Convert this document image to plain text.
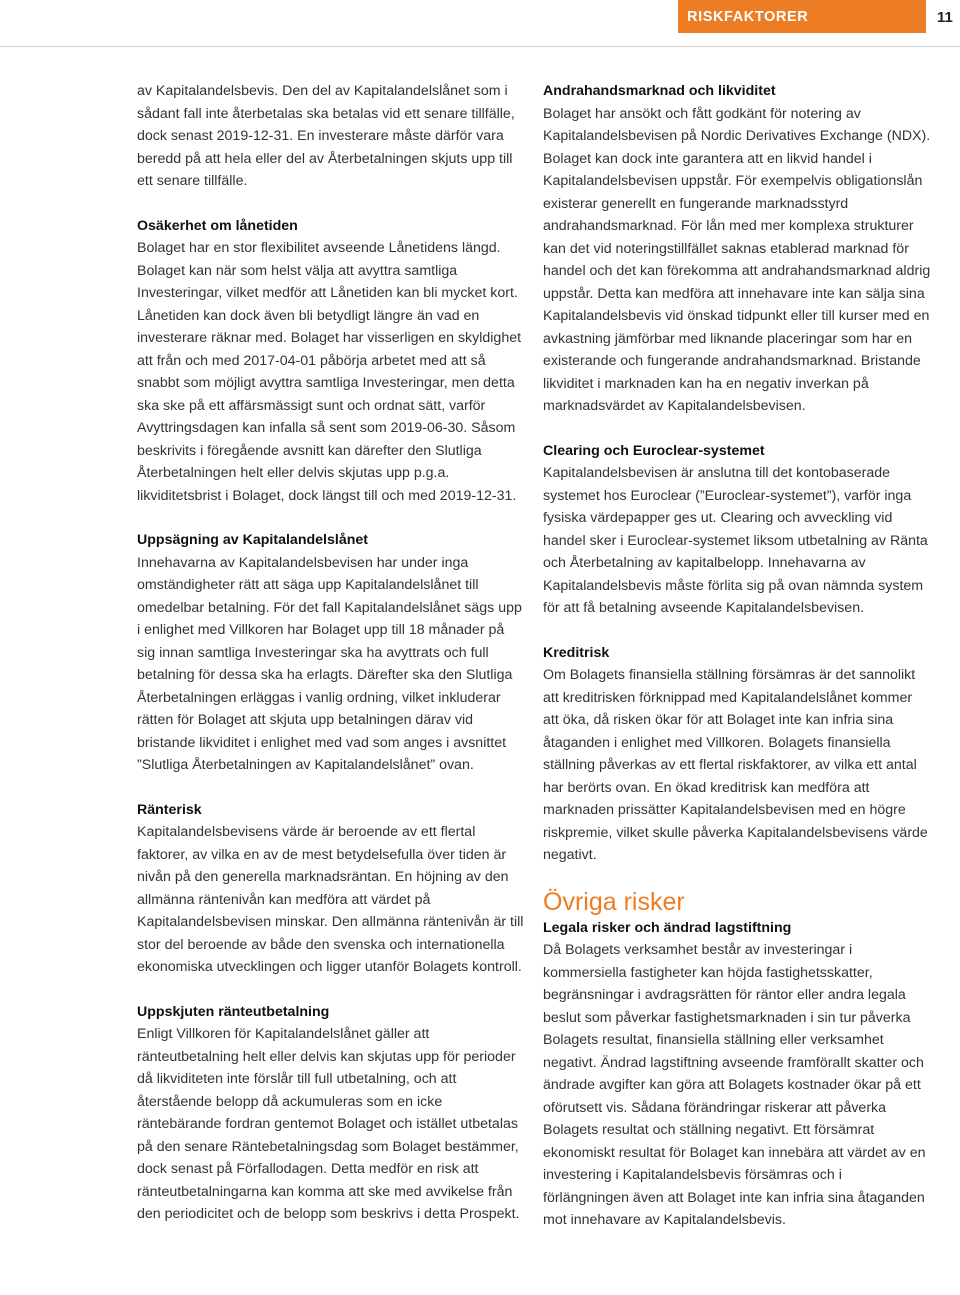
RISKFAKTORER	11

av Kapitalandelsbevis. Den del av Kapitalandelslånet som i sådant fall inte återbetalas ska betalas vid ett senare tillfälle, dock senast 2019-12-31. En investerare måste därför vara beredd på att hela eller del av Återbetalningen skjuts upp till ett senare tillfälle.

Osäkerhet om lånetiden

Bolaget har en stor flexibilitet avseende Lånetidens längd. Bolaget kan när som helst välja att avyttra samtliga Investeringar, vilket medför att Lånetiden kan bli mycket kort. Lånetiden kan dock även bli betydligt längre än vad en investerare räknar med. Bolaget har visserligen en skyldighet att från och med 2017-04-01 påbörja arbetet med att så snabbt som möjligt avyttra samtliga Investeringar, men detta ska ske på ett affärsmässigt sunt och ordnat sätt, varför Avyttringsdagen kan infalla så sent som 2019-06-30. Såsom beskrivits i föregående avsnitt kan därefter den Slutliga Återbetalningen helt eller delvis skjutas upp p.g.a. likviditetsbrist i Bolaget, dock längst till och med 2019-12-31.

Uppsägning av Kapitalandelslånet

Innehavarna av Kapitalandelsbevisen har under inga omständigheter rätt att säga upp Kapitalandelslånet till omedelbar betalning. För det fall Kapitalandelslånet sägs upp i enlighet med Villkoren har Bolaget upp till 18 månader på sig innan samtliga Investeringar ska ha avyttrats och full betalning för dessa ska ha erlagts. Därefter ska den Slutliga Återbetalningen erläggas i vanlig ordning, vilket inkluderar rätten för Bolaget att skjuta upp betalningen därav vid bristande likviditet i enlighet med vad som anges i avsnittet ”Slutliga Återbetalningen av Kapitalandelslånet” ovan.

Ränterisk

Kapitalandelsbevisens värde är beroende av ett flertal faktorer, av vilka en av de mest betydelsefulla över tiden är nivån på den generella marknadsräntan. En höjning av den allmänna räntenivån kan medföra att värdet på Kapitalandelsbevisen minskar. Den allmänna räntenivån är till stor del beroende av både den svenska och internationella ekonomiska utvecklingen och ligger utanför Bolagets kontroll.

Uppskjuten ränteutbetalning

Enligt Villkoren för Kapitalandelslånet gäller att ränteutbetalning helt eller delvis kan skjutas upp för perioder då likviditeten inte förslår till full utbetalning, och att återstående belopp då ackumuleras som en icke räntebärande fordran gentemot Bolaget och istället utbetalas på den senare Räntebetalningsdag som Bolaget bestämmer, dock senast på Förfallodagen. Detta medför en risk att ränteutbetalningarna kan komma att ske med avvikelse från den periodicitet och de belopp som beskrivs i detta Prospekt.

Andrahandsmarknad och likviditet

Bolaget har ansökt och fått godkänt för notering av Kapitalandelsbevisen på Nordic Derivatives Exchange (NDX). Bolaget kan dock inte garantera att en likvid handel i Kapitalandelsbevisen uppstår. För exempelvis obligationslån existerar generellt en fungerande marknadsstyrd andrahandsmarknad. För lån med mer komplexa strukturer kan det vid noteringstillfället saknas etablerad marknad för handel och det kan förekomma att andrahandsmarknad aldrig uppstår. Detta kan medföra att innehavare inte kan sälja sina Kapitalandelsbevis vid önskad tidpunkt eller till kurser med en avkastning jämförbar med liknande placeringar som har en existerande och fungerande andrahandsmarknad. Bristande likviditet i marknaden kan ha en negativ inverkan på marknadsvärdet av Kapitalandelsbevisen.

Clearing och Euroclear-systemet

Kapitalandelsbevisen är anslutna till det kontobaserade systemet hos Euroclear (”Euroclear-systemet”), varför inga fysiska värdepapper ges ut. Clearing och avveckling vid handel sker i Euroclear-systemet liksom utbetalning av Ränta och Återbetalning av kapitalbelopp. Innehavarna av Kapitalandelsbevis måste förlita sig på ovan nämnda system för att få betalning avseende Kapitalandelsbevisen.

Kreditrisk

Om Bolagets finansiella ställning försämras är det sannolikt att kreditrisken förknippad med Kapitalandelslånet kommer att öka, då risken ökar för att Bolaget inte kan infria sina åtaganden i enlighet med Villkoren. Bolagets finansiella ställning påverkas av ett flertal riskfaktorer, av vilka ett antal har berörts ovan. En ökad kreditrisk kan medföra att marknaden prissätter Kapitalandelsbevisen med en högre riskpremie, vilket skulle påverka Kapitalandelsbevisens värde negativt.

Övriga risker
Legala risker och ändrad lagstiftning

Då Bolagets verksamhet består av investeringar i kommersiella fastigheter kan höjda fastighetsskatter, begränsningar i avdragsrätten för räntor eller andra legala beslut som påverkar fastighetsmarknaden i sin tur påverka Bolagets resultat, finansiella ställning eller verksamhet negativt. Ändrad lagstiftning avseende framförallt skatter och ändrade avgifter kan göra att Bolagets kostnader ökar på ett oförutsett vis. Sådana förändringar riskerar att påverka Bolagets resultat och ställning negativt. Ett försämrat ekonomiskt resultat för Bolaget kan innebära att värdet av en investering i Kapitalandelsbevis försämras och i förlängningen även att Bolaget inte kan infria sina åtaganden mot innehavare av Kapitalandelsbevis.
